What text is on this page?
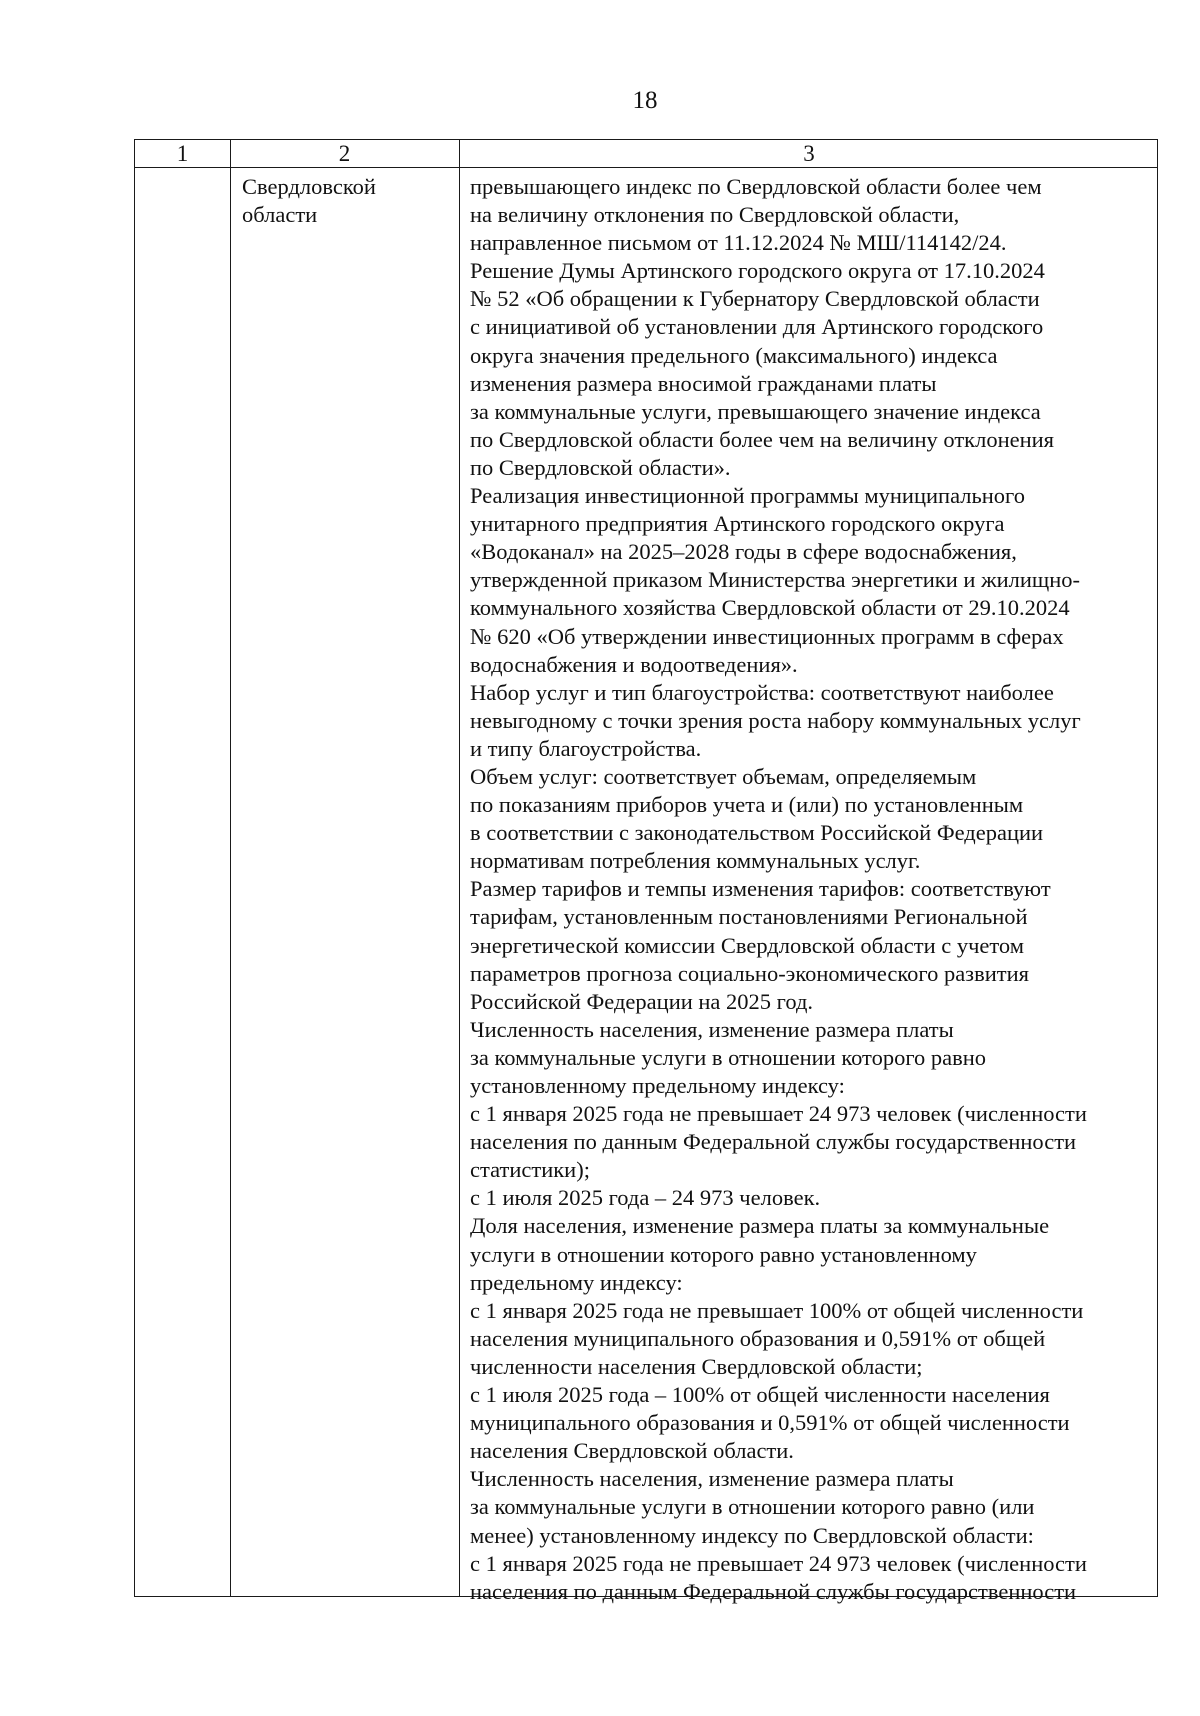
18
1	2	3
Свердловской
области
превышающего индекс по Свердловской области более чем
на величину отклонения по Свердловской области,
направленное письмом от 11.12.2024 № МШ/114142/24.
Решение Думы Артинского городского округа от 17.10.2024
№ 52 «Об обращении к Губернатору Свердловской области
с инициативой об установлении для Артинского городского
округа значения предельного (максимального) индекса
изменения размера вносимой гражданами платы
за коммунальные услуги, превышающего значение индекса
по Свердловской области более чем на величину отклонения
по Свердловской области».
Реализация инвестиционной программы муниципального
унитарного предприятия Артинского городского округа
«Водоканал» на 2025–2028 годы в сфере водоснабжения,
утвержденной приказом Министерства энергетики и жилищно-
коммунального хозяйства Свердловской области от 29.10.2024
№ 620 «Об утверждении инвестиционных программ в сферах
водоснабжения и водоотведения».
Набор услуг и тип благоустройства: соответствуют наиболее
невыгодному с точки зрения роста набору коммунальных услуг
и типу благоустройства.
Объем услуг: соответствует объемам, определяемым
по показаниям приборов учета и (или) по установленным
в соответствии с законодательством Российской Федерации
нормативам потребления коммунальных услуг.
Размер тарифов и темпы изменения тарифов: соответствуют
тарифам, установленным постановлениями Региональной
энергетической комиссии Свердловской области с учетом
параметров прогноза социально-экономического развития
Российской Федерации на 2025 год.
Численность населения, изменение размера платы
за коммунальные услуги в отношении которого равно
установленному предельному индексу:
с 1 января 2025 года не превышает 24 973 человек (численности
населения по данным Федеральной службы государственности
статистики);
с 1 июля 2025 года – 24 973 человек.
Доля населения, изменение размера платы за коммунальные
услуги в отношении которого равно установленному
предельному индексу:
с 1 января 2025 года не превышает 100% от общей численности
населения муниципального образования и 0,591% от общей
численности населения Свердловской области;
с 1 июля 2025 года – 100% от общей численности населения
муниципального образования и 0,591% от общей численности
населения Свердловской области.
Численность населения, изменение размера платы
за коммунальные услуги в отношении которого равно (или
менее) установленному индексу по Свердловской области:
с 1 января 2025 года не превышает 24 973 человек (численности
населения по данным Федеральной службы государственности
